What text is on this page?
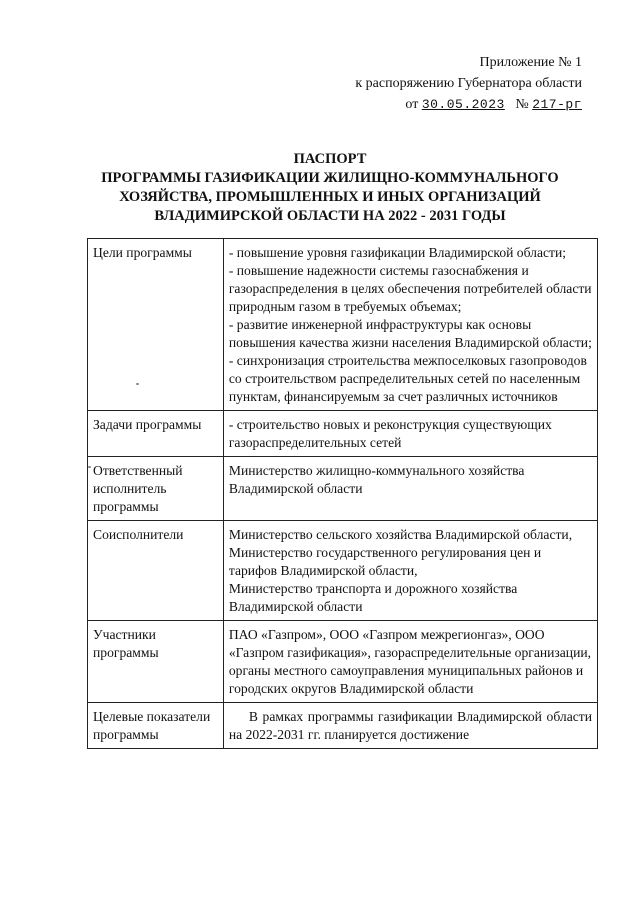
Приложение № 1
к распоряжению Губернатора области
от 30.05.2023 № 217-рг
ПАСПОРТ
ПРОГРАММЫ ГАЗИФИКАЦИИ ЖИЛИЩНО-КОММУНАЛЬНОГО
ХОЗЯЙСТВА, ПРОМЫШЛЕННЫХ И ИНЫХ ОРГАНИЗАЦИЙ
ВЛАДИМИРСКОЙ ОБЛАСТИ НА 2022 - 2031 ГОДЫ
Цели программы	- повышение уровня газификации Владимирской области;
- повышение надежности системы газоснабжения и газораспределения в целях обеспечения потребителей области природным газом в требуемых объемах;
- развитие инженерной инфраструктуры как основы повышения качества жизни населения Владимирской области;
- синхронизация строительства межпоселковых газопроводов со строительством распределительных сетей по населенным пунктам, финансируемым за счет различных источников

Задачи программы	- строительство новых и реконструкция существующих газораспределительных сетей

Ответственный исполнитель программы	Министерство жилищно-коммунального хозяйства Владимирской области

Соисполнители	Министерство сельского хозяйства Владимирской области,
Министерство государственного регулирования цен и тарифов Владимирской области,
Министерство транспорта и дорожного хозяйства Владимирской области

Участники программы	ПАО «Газпром», ООО «Газпром межрегионгаз», ООО «Газпром газификация», газораспределительные организации, органы местного самоуправления муниципальных районов и городских округов Владимирской области

Целевые показатели программы	В рамках программы газификации Владимирской области на 2022-2031 гг. планируется достижение
